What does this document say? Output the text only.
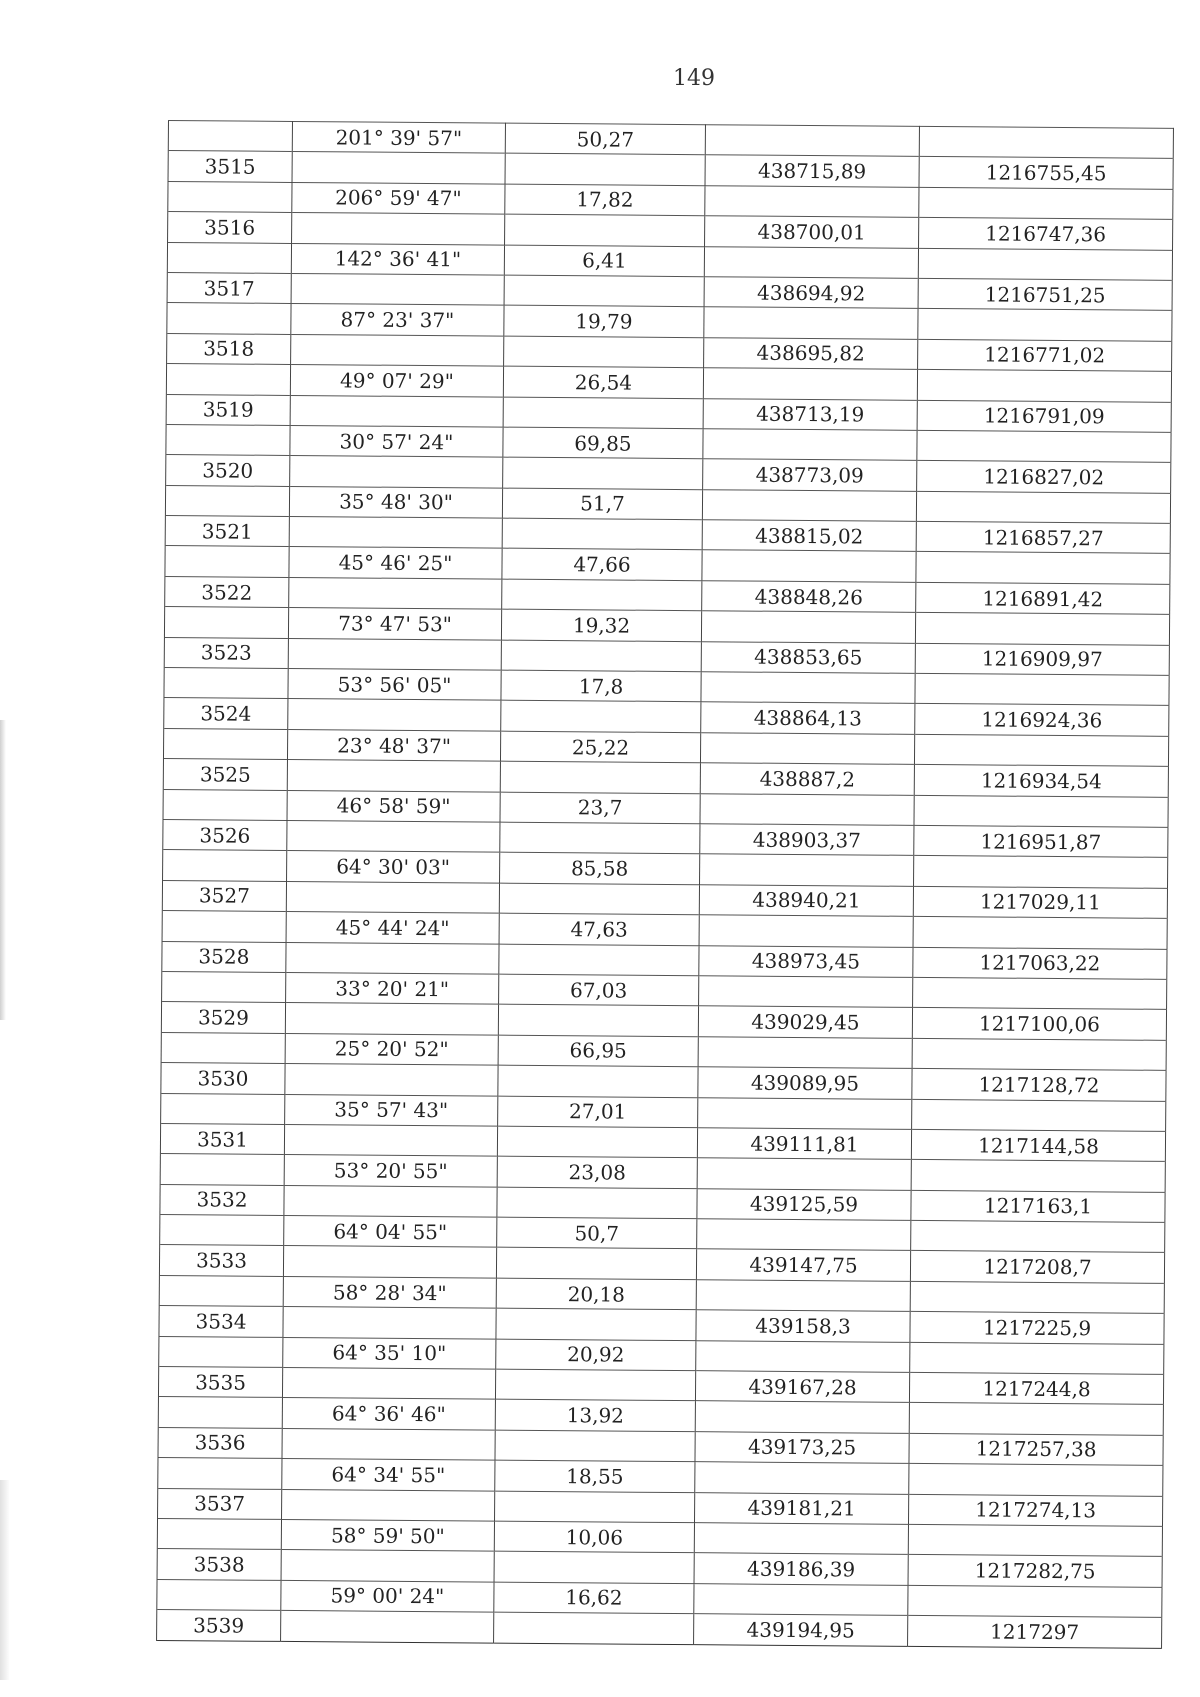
149
	201° 39' 57"	50,27		
3515			438715,89	1216755,45
	206° 59' 47"	17,82		
3516			438700,01	1216747,36
	142° 36' 41"	6,41		
3517			438694,92	1216751,25
	87° 23' 37"	19,79		
3518			438695,82	1216771,02
	49° 07' 29"	26,54		
3519			438713,19	1216791,09
	30° 57' 24"	69,85		
3520			438773,09	1216827,02
	35° 48' 30"	51,7		
3521			438815,02	1216857,27
	45° 46' 25"	47,66		
3522			438848,26	1216891,42
	73° 47' 53"	19,32		
3523			438853,65	1216909,97
	53° 56' 05"	17,8		
3524			438864,13	1216924,36
	23° 48' 37"	25,22		
3525			438887,2	1216934,54
	46° 58' 59"	23,7		
3526			438903,37	1216951,87
	64° 30' 03"	85,58		
3527			438940,21	1217029,11
	45° 44' 24"	47,63		
3528			438973,45	1217063,22
	33° 20' 21"	67,03		
3529			439029,45	1217100,06
	25° 20' 52"	66,95		
3530			439089,95	1217128,72
	35° 57' 43"	27,01		
3531			439111,81	1217144,58
	53° 20' 55"	23,08		
3532			439125,59	1217163,1
	64° 04' 55"	50,7		
3533			439147,75	1217208,7
	58° 28' 34"	20,18		
3534			439158,3	1217225,9
	64° 35' 10"	20,92		
3535			439167,28	1217244,8
	64° 36' 46"	13,92		
3536			439173,25	1217257,38
	64° 34' 55"	18,55		
3537			439181,21	1217274,13
	58° 59' 50"	10,06		
3538			439186,39	1217282,75
	59° 00' 24"	16,62		
3539			439194,95	1217297
